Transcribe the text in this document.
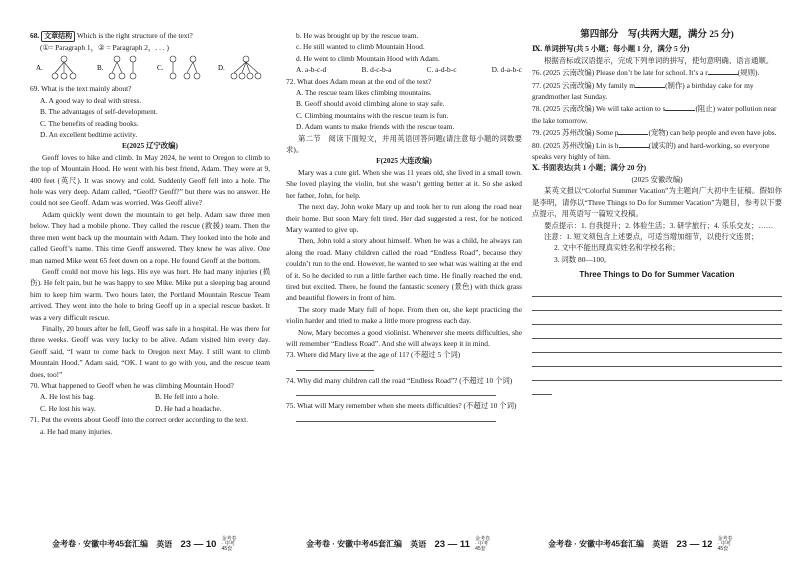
68. 文章结构 Which is the right structure of the text?

(①= Paragraph 1，② = Paragraph 2，. . . )

A.	B.	C.	D.

69. What is the text mainly about?

A. A good way to deal with stress.

B. The advantages of self-development.

C. The benefits of reading books.

D. An excellent bedtime activity.

E(2025 辽宁改编)

Geoff loves to hike and climb. In May 2024, he went to Oregon to climb to the top of Mountain Hood. He went with his best friend, Adam. They were at 9, 400 feet (英尺). It was snowy and cold. Suddenly Geoff fell into a hole. The hole was very deep. Adam called, “Geoff? Geoff?” but there was no answer. He could not see Geoff. Adam was worried. Was Geoff alive?

Adam quickly went down the mountain to get help. Adam saw three men below. They had a mobile phone. They called the rescue (救援) team. Then the three men went back up the mountain with Adam. They looked into the hole and called Geoff’s name. This time Geoff answered. They knew he was alive. One man named Mike went 65 feet down on a rope. He found Geoff at the bottom.

Geoff could not move his legs. His eye was hurt. He had many injuries (损伤). He felt pain, but he was happy to see Mike. Mike put a sleeping bag around him to keep him warm. Two hours later, the Portland Mountain Rescue Team arrived. They went into the hole to bring Geoff up in a special rescue basket. It was a very difficult rescue.

Finally, 20 hours after he fell, Geoff was safe in a hospital. He was there for three weeks. Geoff was very lucky to be alive. Adam visited him every day. Geoff said, “I want to come back to Oregon next May. I still want to climb Mountain Hood.” Adam said, “OK. I want to go with you, and the rescue team does, too!”

70. What happened to Geoff when he was climbing Mountain Hood?

A. He lost his bag.	B. He fell into a hole.
C. He lost his way.	D. He had a headache.

71. Put the events about Geoff into the correct order according to the text.

a. He had many injuries.

b. He was brought up by the rescue team.

c. He still wanted to climb Mountain Hood.

d. He went to climb Mountain Hood with Adam.

A. a-b-c-d	B. d-c-b-a	C. a-d-b-c	D. d-a-b-c

72. What does Adam mean at the end of the text?

A. The rescue team likes climbing mountains.

B. Geoff should avoid climbing alone to stay safe.

C. Climbing mountains with the rescue team is fun.

D. Adam wants to make friends with the rescue team.

第二节　阅读下面短文，并用英语回答问题(请注意每小题的词数要求)。

F(2025 大连改编)

Mary was a cute girl. When she was 11 years old, she lived in a small town. She loved playing the violin, but she wasn’t getting better at it. So she asked her father, John, for help.

The next day, John woke Mary up and took her to run along the road near their home. But soon Mary felt tired. Her dad suggested a rest, for he noticed Mary wanted to give up.

Then, John told a story about himself. When he was a child, he always ran along the road. Many children called the road “Endless Road”, because they couldn’t run to the end. However, he wanted to see what was waiting at the end of it. So he decided to run a little farther each time. He finally reached the end, tired but excited. There, he found the fantastic scenery (景色) with thick grass and beautiful flowers in front of him.

The story made Mary full of hope. From then on, she kept practicing the violin harder and tried to make a little more progress each day.

Now, Mary becomes a good violinist. Whenever she meets difficulties, she will remember “Endless Road”. And she will always keep it in mind.

73. Where did Mary live at the age of 11? (不超过 5 个词)

74. Why did many children call the road “Endless Road”? (不超过 10 个词)

75. What will Mary remember when she meets difficulties? (不超过 10 个词)

第四部分　写(共两大题，满分 25 分)

Ⅸ. 单词拼写(共 5 小题；每小题 1 分，满分 5 分)

根据音标或汉语提示，完成下列单词的拼写，使句意明确、语言通顺。

76. (2025 云南改编) Please don’t be late for school. It’s a r	(规则).

77. (2025 云南改编) My family m	(制作) a birthday cake for my grandmother last Sunday.

78. (2025 云南改编) We will take action to s	(阻止) water pollution near the lake tomorrow.

79. (2025 苏州改编) Some p	(宠物) can help people and even have jobs.

80. (2025 苏州改编) Lin is h	(诚实的) and hard-working, so everyone speaks very highly of him.

Ⅹ. 书面表达(共 1 小题；满分 20 分)

(2025 安徽改编)

某英文报以“Colorful Summer Vacation”为主题向广大初中生征稿。假如你是李明，请你以“Three Things to Do for Summer Vacation”为题目，参考以下要点提示，用英语写一篇短文投稿。

要点提示：1. 自我提升；2. 体验生活；3. 研学旅行；4. 乐乐交友；……

注意：

1. 短文须包含上述要点，可适当增加细节，以使行文连贯；

2. 文中不能出现真实姓名和学校名称；

3. 词数 80—100。

Three Things to Do for Summer Vacation

金考卷 · 安徽中考45套汇编 英语 23 — 10 金考卷 · 中考45套
金考卷 · 安徽中考45套汇编 英语 23 — 11 金考卷 · 中考45套
金考卷 · 安徽中考45套汇编 英语 23 — 12 金考卷 · 中考45套
